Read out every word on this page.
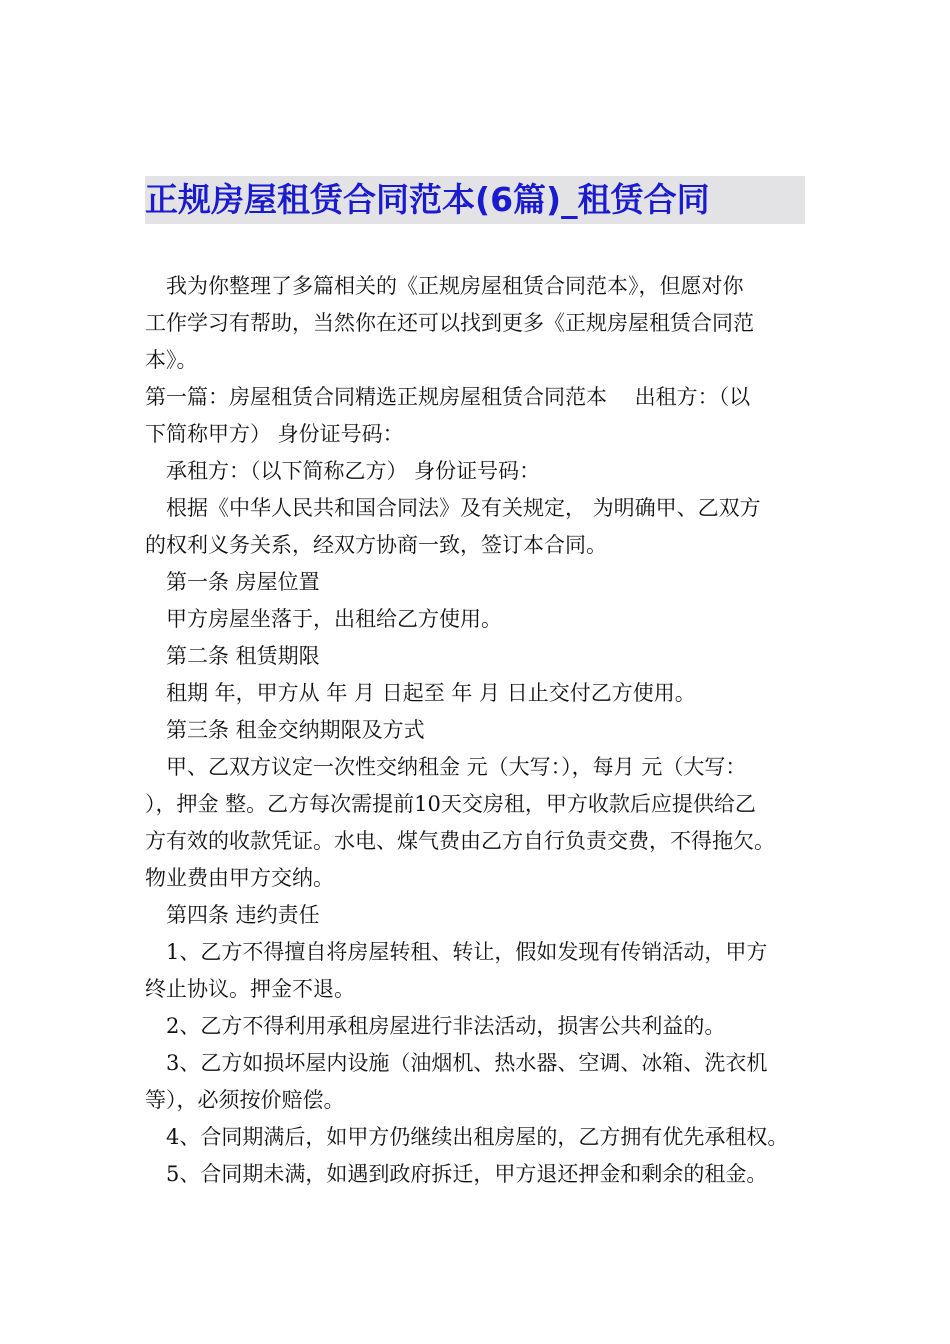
正规房屋租赁合同范本(6篇)_租赁合同
我为你整理了多篇相关的《正规房屋租赁合同范本》，但愿对你
工作学习有帮助，当然你在还可以找到更多《正规房屋租赁合同范
本》。
第一篇：房屋租赁合同精选正规房屋租赁合同范本　 出租方：（以
下简称甲方） 身份证号码：
承租方：（以下简称乙方） 身份证号码：
根据《中华人民共和国合同法》及有关规定， 为明确甲、乙双方
的权利义务关系，经双方协商一致，签订本合同。
第一条 房屋位置
甲方房屋坐落于，出租给乙方使用。
第二条 租赁期限
租期 年，甲方从 年 月 日起至 年 月 日止交付乙方使用。
第三条 租金交纳期限及方式
甲、乙双方议定一次性交纳租金 元（大写：），每月 元（大写：
），押金 整。乙方每次需提前10天交房租，甲方收款后应提供给乙
方有效的收款凭证。水电、煤气费由乙方自行负责交费，不得拖欠。
物业费由甲方交纳。
第四条 违约责任
1、乙方不得擅自将房屋转租、转让，假如发现有传销活动，甲方
终止协议。押金不退。
2、乙方不得利用承租房屋进行非法活动，损害公共利益的。
3、乙方如损坏屋内设施（油烟机、热水器、空调、冰箱、洗衣机
等），必须按价赔偿。
4、合同期满后，如甲方仍继续出租房屋的，乙方拥有优先承租权。
5、合同期未满，如遇到政府拆迁，甲方退还押金和剩余的租金。
